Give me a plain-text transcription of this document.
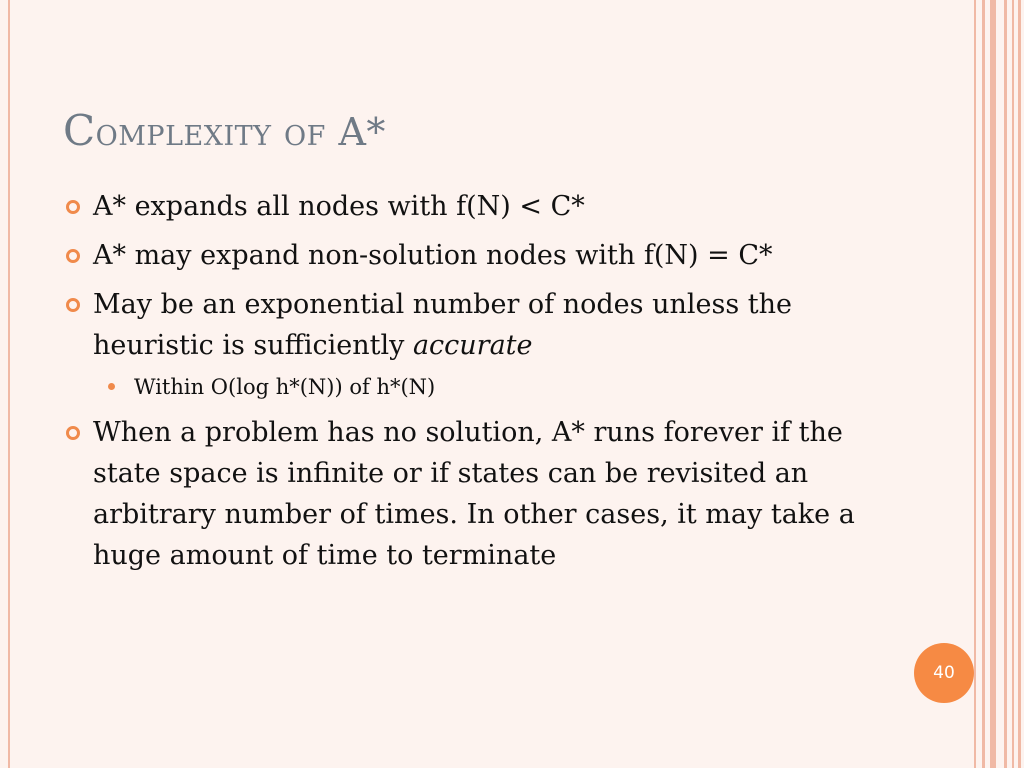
Complexity of A*
A* expands all nodes with f(N) < C*
A* may expand non-solution nodes with f(N) = C*
May be an exponential number of nodes unless the heuristic is sufficiently accurate
Within O(log h*(N)) of h*(N)
When a problem has no solution, A* runs forever if the state space is infinite or if states can be revisited an arbitrary number of times. In other cases, it may take a huge amount of time to terminate
40
